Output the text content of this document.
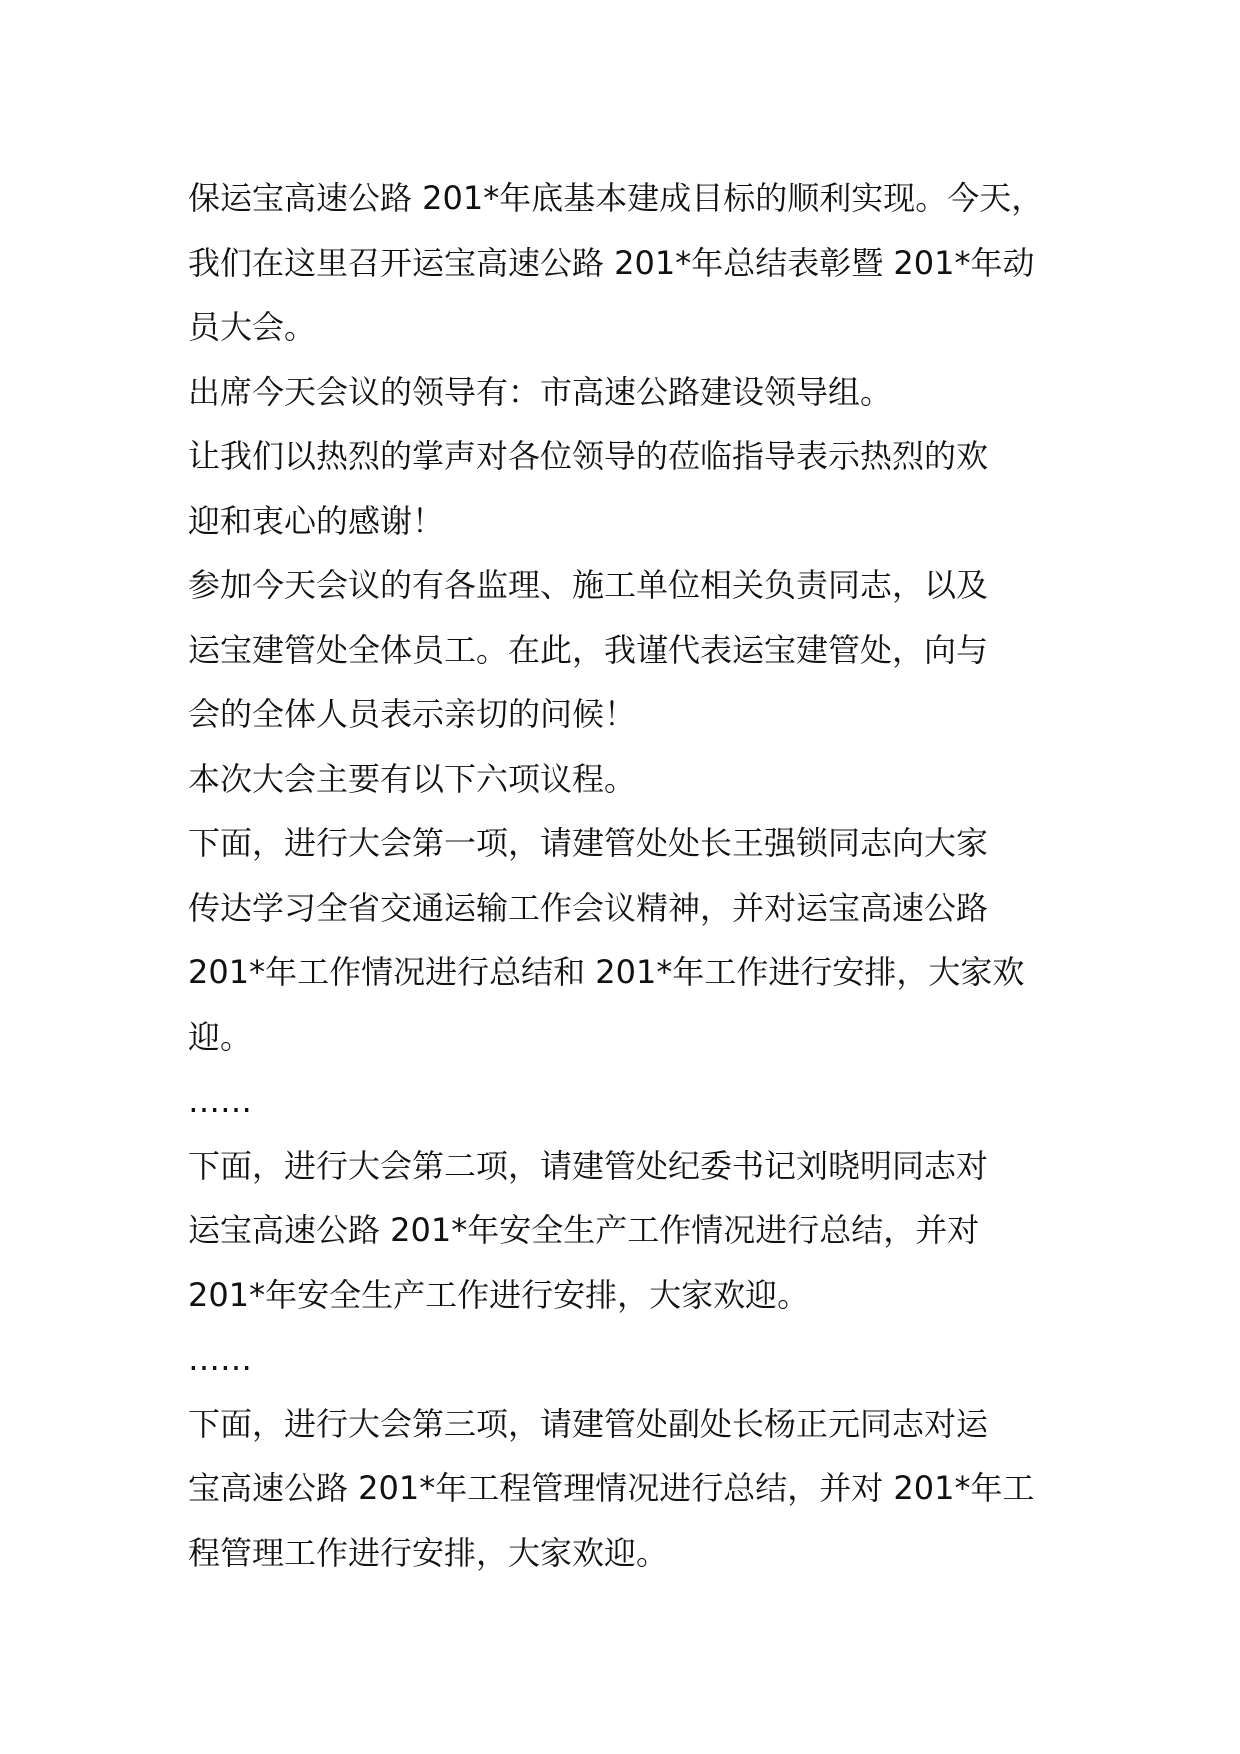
保运宝高速公路 201*年底基本建成目标的顺利实现。今天，

我们在这里召开运宝高速公路 201*年总结表彰暨 201*年动

员大会。

出席今天会议的领导有：市高速公路建设领导组。

让我们以热烈的掌声对各位领导的莅临指导表示热烈的欢

迎和衷心的感谢！

参加今天会议的有各监理、施工单位相关负责同志，以及

运宝建管处全体员工。在此，我谨代表运宝建管处，向与

会的全体人员表示亲切的问候！

本次大会主要有以下六项议程。

下面，进行大会第一项，请建管处处长王强锁同志向大家

传达学习全省交通运输工作会议精神，并对运宝高速公路

201*年工作情况进行总结和 201*年工作进行安排，大家欢

迎。

……

下面，进行大会第二项，请建管处纪委书记刘晓明同志对

运宝高速公路 201*年安全生产工作情况进行总结，并对

201*年安全生产工作进行安排，大家欢迎。

……

下面，进行大会第三项，请建管处副处长杨正元同志对运

宝高速公路 201*年工程管理情况进行总结，并对 201*年工

程管理工作进行安排，大家欢迎。
